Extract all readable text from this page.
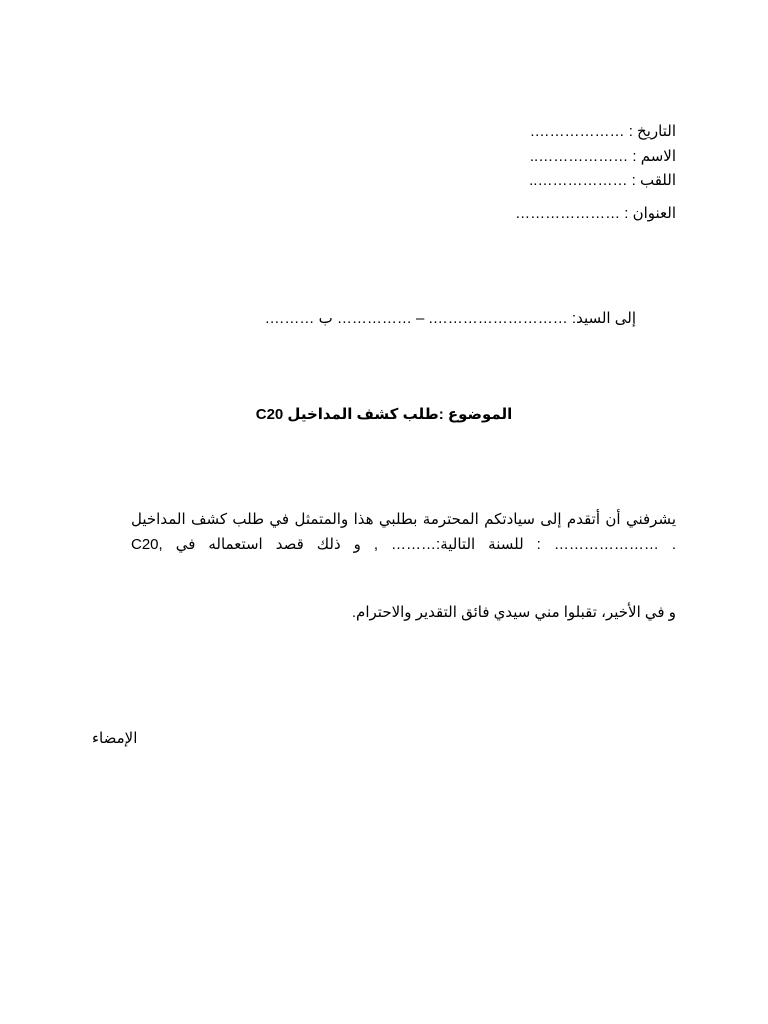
التاريخ : ……………….
الاسم : ………………..
اللقب : ………………..
العنوان : …………………
إلى السيد: ………………………. – …………… ب ……….
الموضوع :طلب كشف المداخيل C20
يشرفني أن أتقدم إلى سيادتكم المحترمة بطلبي هذا والمتمثل في طلب كشف المداخيل
C20, للسنة التالية:……… , و ذلك قصد استعماله في : ………………… .
و في الأخير، تقبلوا مني سيدي فائق التقدير والاحترام.
الإمضاء
